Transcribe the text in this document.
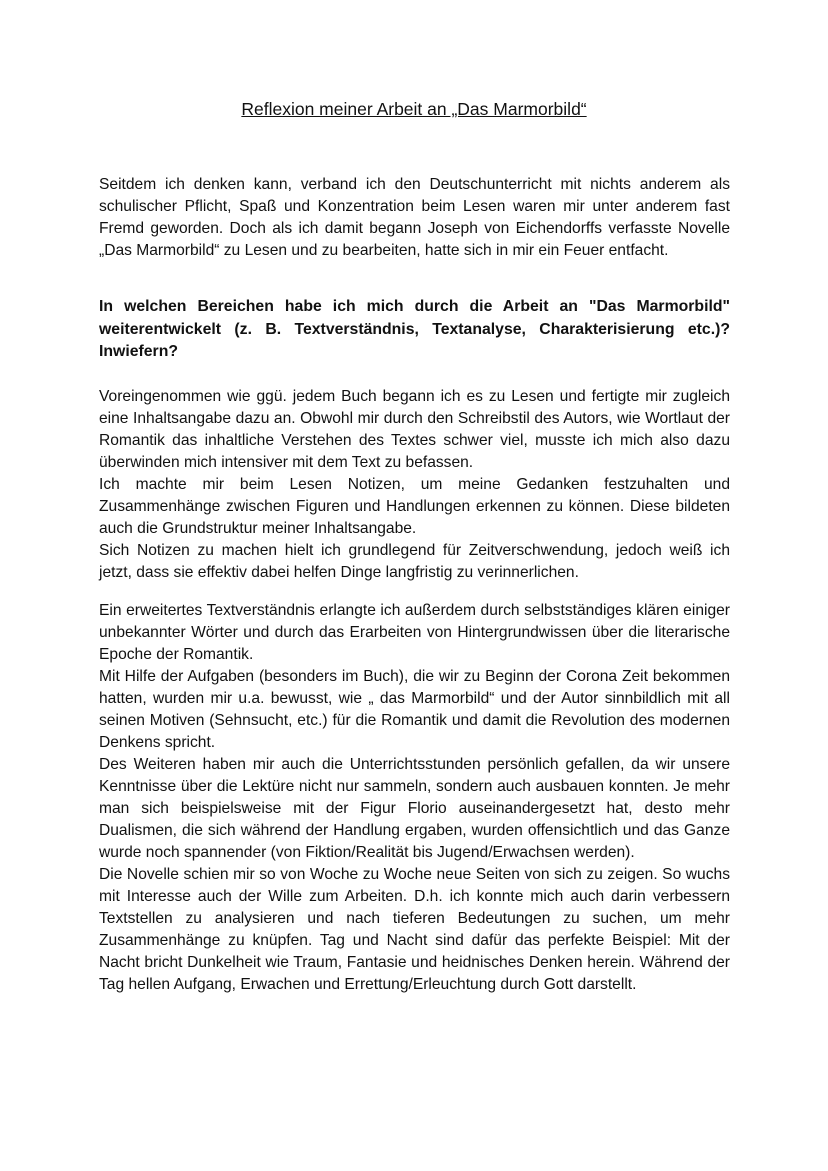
Reflexion meiner Arbeit an „Das Marmorbild“

Seitdem ich denken kann, verband ich den Deutschunterricht mit nichts anderem als schulischer Pflicht, Spaß und Konzentration beim Lesen waren mir unter anderem fast Fremd geworden. Doch als ich damit begann Joseph von Eichendorffs verfasste Novelle „Das Marmorbild“ zu Lesen und zu bearbeiten, hatte sich in mir ein Feuer entfacht.

In welchen Bereichen habe ich mich durch die Arbeit an "Das Marmorbild" weiterentwickelt (z. B. Textverständnis, Textanalyse, Charakterisierung etc.)? Inwiefern?

Voreingenommen wie ggü. jedem Buch begann ich es zu Lesen und fertigte mir zugleich eine Inhaltsangabe dazu an. Obwohl mir durch den Schreibstil des Autors, wie Wortlaut der Romantik das inhaltliche Verstehen des Textes schwer viel, musste ich mich also dazu überwinden mich intensiver mit dem Text zu befassen.

Ich machte mir beim Lesen Notizen, um meine Gedanken festzuhalten und Zusammenhänge zwischen Figuren und Handlungen erkennen zu können. Diese bildeten auch die Grundstruktur meiner Inhaltsangabe.

Sich Notizen zu machen hielt ich grundlegend für Zeitverschwendung, jedoch weiß ich jetzt, dass sie effektiv dabei helfen Dinge langfristig zu verinnerlichen.

Ein erweitertes Textverständnis erlangte ich außerdem durch selbstständiges klären einiger unbekannter Wörter und durch das Erarbeiten von Hintergrundwissen über die literarische Epoche der Romantik.

Mit Hilfe der Aufgaben (besonders im Buch), die wir zu Beginn der Corona Zeit bekommen hatten, wurden mir u.a. bewusst, wie „ das Marmorbild“ und der Autor sinnbildlich mit all seinen Motiven (Sehnsucht, etc.) für die Romantik und damit die Revolution des modernen Denkens spricht.

Des Weiteren haben mir auch die Unterrichtsstunden persönlich gefallen, da wir unsere Kenntnisse über die Lektüre nicht nur sammeln, sondern auch ausbauen konnten. Je mehr man sich beispielsweise mit der Figur Florio auseinandergesetzt hat, desto mehr Dualismen, die sich während der Handlung ergaben, wurden offensichtlich und das Ganze wurde noch spannender (von Fiktion/Realität bis Jugend/Erwachsen werden).

Die Novelle schien mir so von Woche zu Woche neue Seiten von sich zu zeigen. So wuchs mit Interesse auch der Wille zum Arbeiten. D.h. ich konnte mich auch darin verbessern Textstellen zu analysieren und nach tieferen Bedeutungen zu suchen, um mehr Zusammenhänge zu knüpfen. Tag und Nacht sind dafür das perfekte Beispiel: Mit der Nacht bricht Dunkelheit wie Traum, Fantasie und heidnisches Denken herein. Während der Tag hellen Aufgang, Erwachen und Errettung/Erleuchtung durch Gott darstellt.
